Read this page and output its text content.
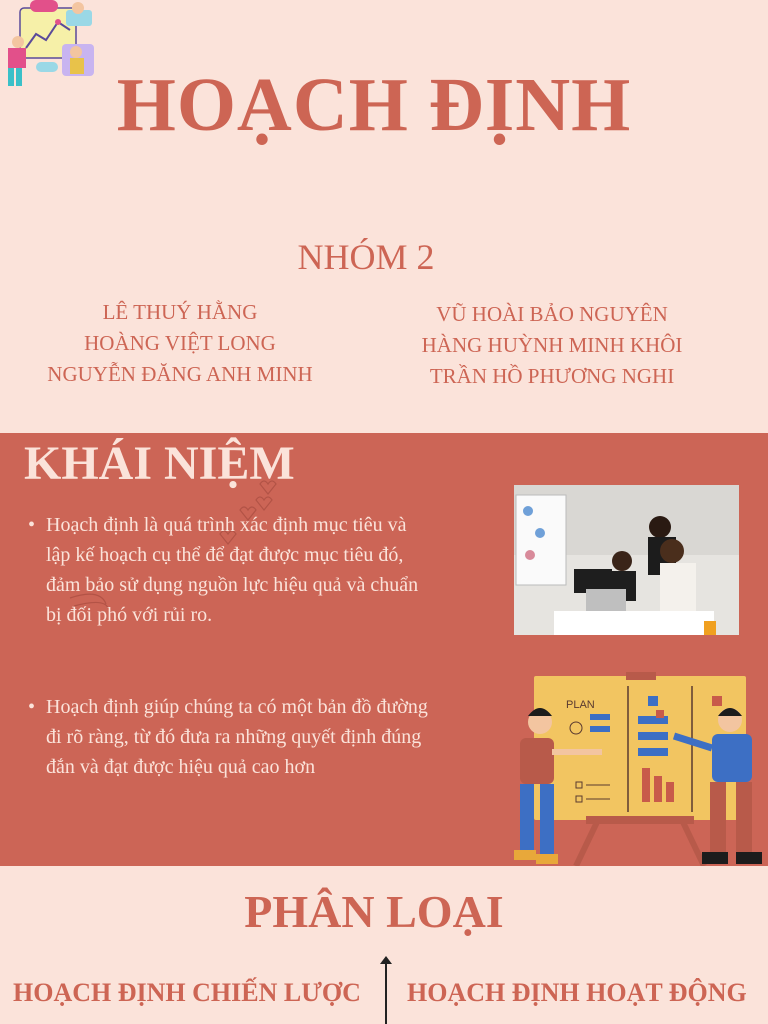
HOẠCH ĐỊNH
NHÓM 2
LÊ THUÝ HẰNG
HOÀNG VIỆT LONG
NGUYỄN ĐĂNG ANH MINH
VŨ HOÀI BẢO NGUYÊN
HÀNG HUỲNH MINH KHÔI
TRẦN HỒ PHƯƠNG NGHI
KHÁI NIỆM
• Hoạch định là quá trình xác định mục tiêu và lập kế hoạch cụ thể để đạt được mục tiêu đó, đảm bảo sử dụng nguồn lực hiệu quả và chuẩn bị đối phó với rủi ro.
• Hoạch định giúp chúng ta có một bản đồ đường đi rõ ràng, từ đó đưa ra những quyết định đúng đắn và đạt được hiệu quả cao hơn
PLAN
PHÂN LOẠI
HOẠCH ĐỊNH CHIẾN LƯỢC HOẠCH ĐỊNH HOẠT ĐỘNG
